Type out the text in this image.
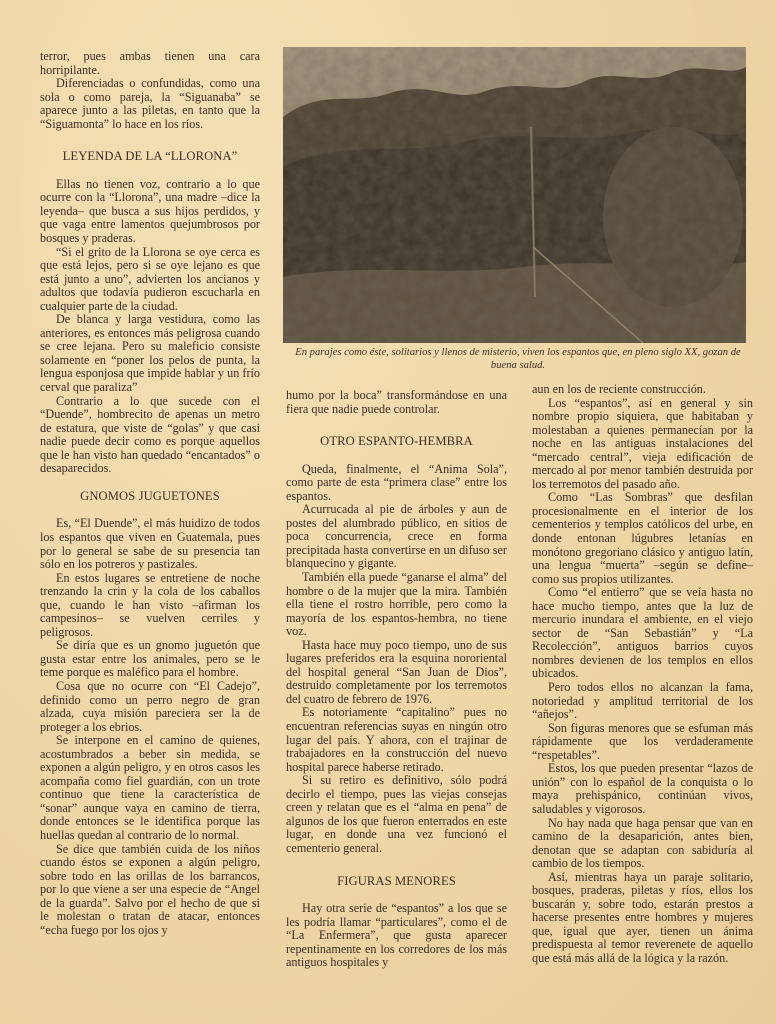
terror, pues ambas tienen una cara horripilante.

Diferenciadas o confundidas, como una sola o como pareja, la “Siguanaba” se aparece junto a las piletas, en tanto que la “Siguamonta” lo hace en los ríos.

LEYENDA DE LA “LLORONA”

Ellas no tienen voz, contrario a lo que ocurre con la “Llorona”, una madre –dice la leyenda– que busca a sus hijos perdidos, y que vaga entre lamentos quejumbrosos por bosques y praderas.

“Si el grito de la Llorona se oye cerca es que está lejos, pero si se oye lejano es que está junto a uno”, advierten los ancianos y adultos que todavía pudieron escucharla en cualquier parte de la ciudad.

De blanca y larga vestidura, como las anteriores, es entonces más peligrosa cuando se cree lejana. Pero su maleficio consiste solamente en “poner los pelos de punta, la lengua esponjosa que impide hablar y un frío cerval que paraliza”

Contrario a lo que sucede con el “Duende”, hombrecito de apenas un metro de estatura, que viste de “golas” y que casi nadie puede decir como es porque aquellos que le han visto han quedado “encantados” o desaparecidos.

GNOMOS JUGUETONES

Es, “El Duende”, el más huidizo de todos los espantos que viven en Guatemala, pues por lo general se sabe de su presencia tan sólo en los potreros y pastizales.

En estos lugares se entretiene de noche trenzando la crin y la cola de los caballos que, cuando le han visto –afirman los campesinos– se vuelven cerriles y peligrosos.

Se diría que es un gnomo juguetón que gusta estar entre los animales, pero se le teme porque es maléfico para el hombre.

Cosa que no ocurre con “El Cadejo”, definido como un perro negro de gran alzada, cuya misión pareciera ser la de proteger a los ebrios.

Se interpone en el camino de quienes, acostumbrados a beber sin medida, se exponen a algún peligro, y en otros casos les acompaña como fiel guardián, con un trote continuo que tiene la característica de “sonar” aunque vaya en camino de tierra, donde entonces se le identifica porque las huellas quedan al contrario de lo normal.

Se dice que también cuida de los niños cuando éstos se exponen a algún peligro, sobre todo en las orillas de los barrancos, por lo que viene a ser una especie de “Angel de la guarda”. Salvo por el hecho de que si le molestan o tratan de atacar, entonces “echa fuego por los ojos y

En parajes como éste, solitarios y llenos de misterio, viven los espantos que, en pleno siglo XX, gozan de buena salud.

humo por la boca” transformándose en una fiera que nadie puede controlar.

OTRO ESPANTO-HEMBRA

Queda, finalmente, el “Anima Sola”, como parte de esta “primera clase” entre los espantos.

Acurrucada al pie de árboles y aun de postes del alumbrado público, en sitios de poca concurrencia, crece en forma precipitada hasta convertirse en un difuso ser blanquecino y gigante.

También ella puede “ganarse el alma” del hombre o de la mujer que la mira. También ella tiene el rostro horrible, pero como la mayoría de los espantos-hembra, no tiene voz.

Hasta hace muy poco tiempo, uno de sus lugares preferidos era la esquina nororiental del hospital general “San Juan de Dios”, destruido completamente por los terremotos del cuatro de febrero de 1976.

Es notoriamente “capitalino” pues no encuentran referencias suyas en ningún otro lugar del país. Y ahora, con el trajinar de trabajadores en la construcción del nuevo hospital parece haberse retirado.

Si su retiro es definitivo, sólo podrá decirlo el tiempo, pues las viejas consejas creen y relatan que es el “alma en pena” de algunos de los que fueron enterrados en este lugar, en donde una vez funcionó el cementerio general.

FIGURAS MENORES

Hay otra serie de “espantos” a los que se les podría llamar “particulares”, como el de “La Enfermera”, que gusta aparecer repentinamente en los corredores de los más antiguos hospitales y

aun en los de reciente construcción.

Los “espantos”, así en general y sin nombre propio siquiera, que habitaban y molestaban a quienes permanecían por la noche en las antiguas instalaciones del “mercado central”, vieja edificación de mercado al por menor también destruida por los terremotos del pasado año.

Como “Las Sombras” que desfilan procesionalmente en el interior de los cementerios y templos católicos del urbe, en donde entonan lúgubres letanías en monótono gregoriano clásico y antiguo latín, una lengua “muerta” –según se define– como sus propios utilizantes.

Como “el entierro” que se veía hasta no hace mucho tiempo, antes que la luz de mercurio inundara el ambiente, en el viejo sector de “San Sebastián” y “La Recolección”, antiguos barrios cuyos nombres devienen de los templos en ellos ubicados.

Pero todos ellos no alcanzan la fama, notoriedad y amplitud territorial de los “añejos”.

Son figuras menores que se esfuman más rápidamente que los verdaderamente “respetables”.

Estos, los que pueden presentar “lazos de unión” con lo español de la conquista o lo maya prehispánico, continúan vivos, saludables y vigorosos.

No hay nada que haga pensar que van en camino de la desaparición, antes bien, denotan que se adaptan con sabiduría al cambio de los tiempos.

Así, mientras haya un paraje solitario, bosques, praderas, piletas y ríos, ellos los buscarán y, sobre todo, estarán prestos a hacerse presentes entre hombres y mujeres que, igual que ayer, tienen un ánima predispuesta al temor reverenete de aquello que está más allá de la lógica y la razón.
